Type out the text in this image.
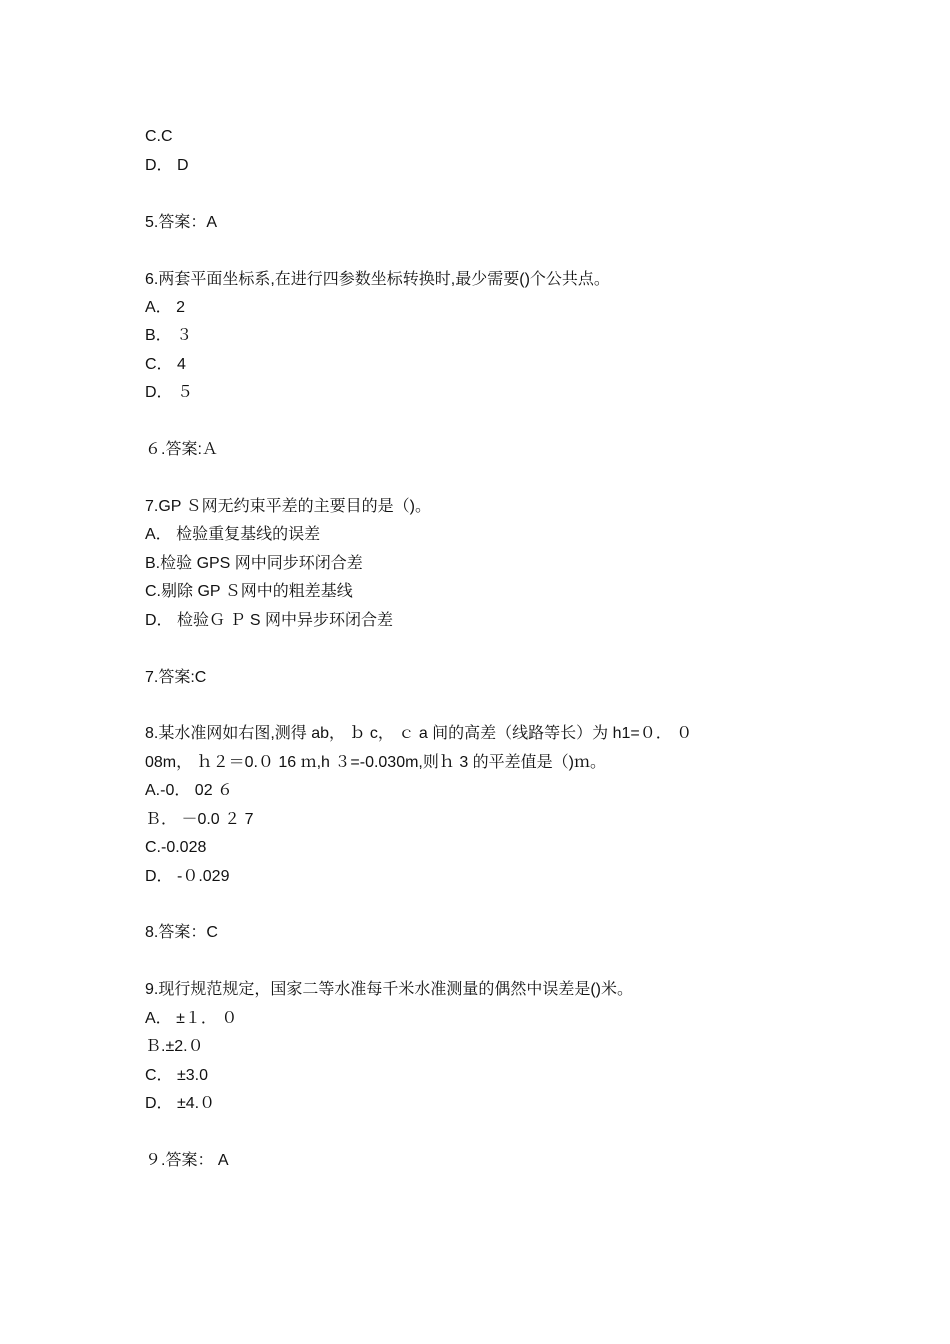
C.C
D． D
5.答案：A
6.两套平面坐标系,在进行四参数坐标转换时,最少需要()个公共点。
A． 2
B． ３
C． 4
D． ５
６.答案:Ａ
7.GP Ｓ网无约束平差的主要目的是（)。
A． 检验重复基线的误差
B.检验 GPS 网中同步环闭合差
C.剔除 GP Ｓ网中的粗差基线
D． 检验Ｇ Ｐ S 网中异步环闭合差
7.答案:C
8.某水准网如右图,测得 ab， ｂ c， ｃ a 间的高差（线路等长）为 h1=０． ０
08m， ｈ２＝0.０ 16 ｍ,h ３=-0.030m,则ｈ 3 的平差值是（)ｍ。
A.-0． 02 ６
Ｂ． －0.0 ２ 7
C.-0.028
D． -０.029
8.答案：C
9.现行规范规定，国家二等水准每千米水准测量的偶然中误差是()米。
A． ±１． ０
Ｂ.±2.０
C． ±3.0
D． ±4.０
９.答案： A
